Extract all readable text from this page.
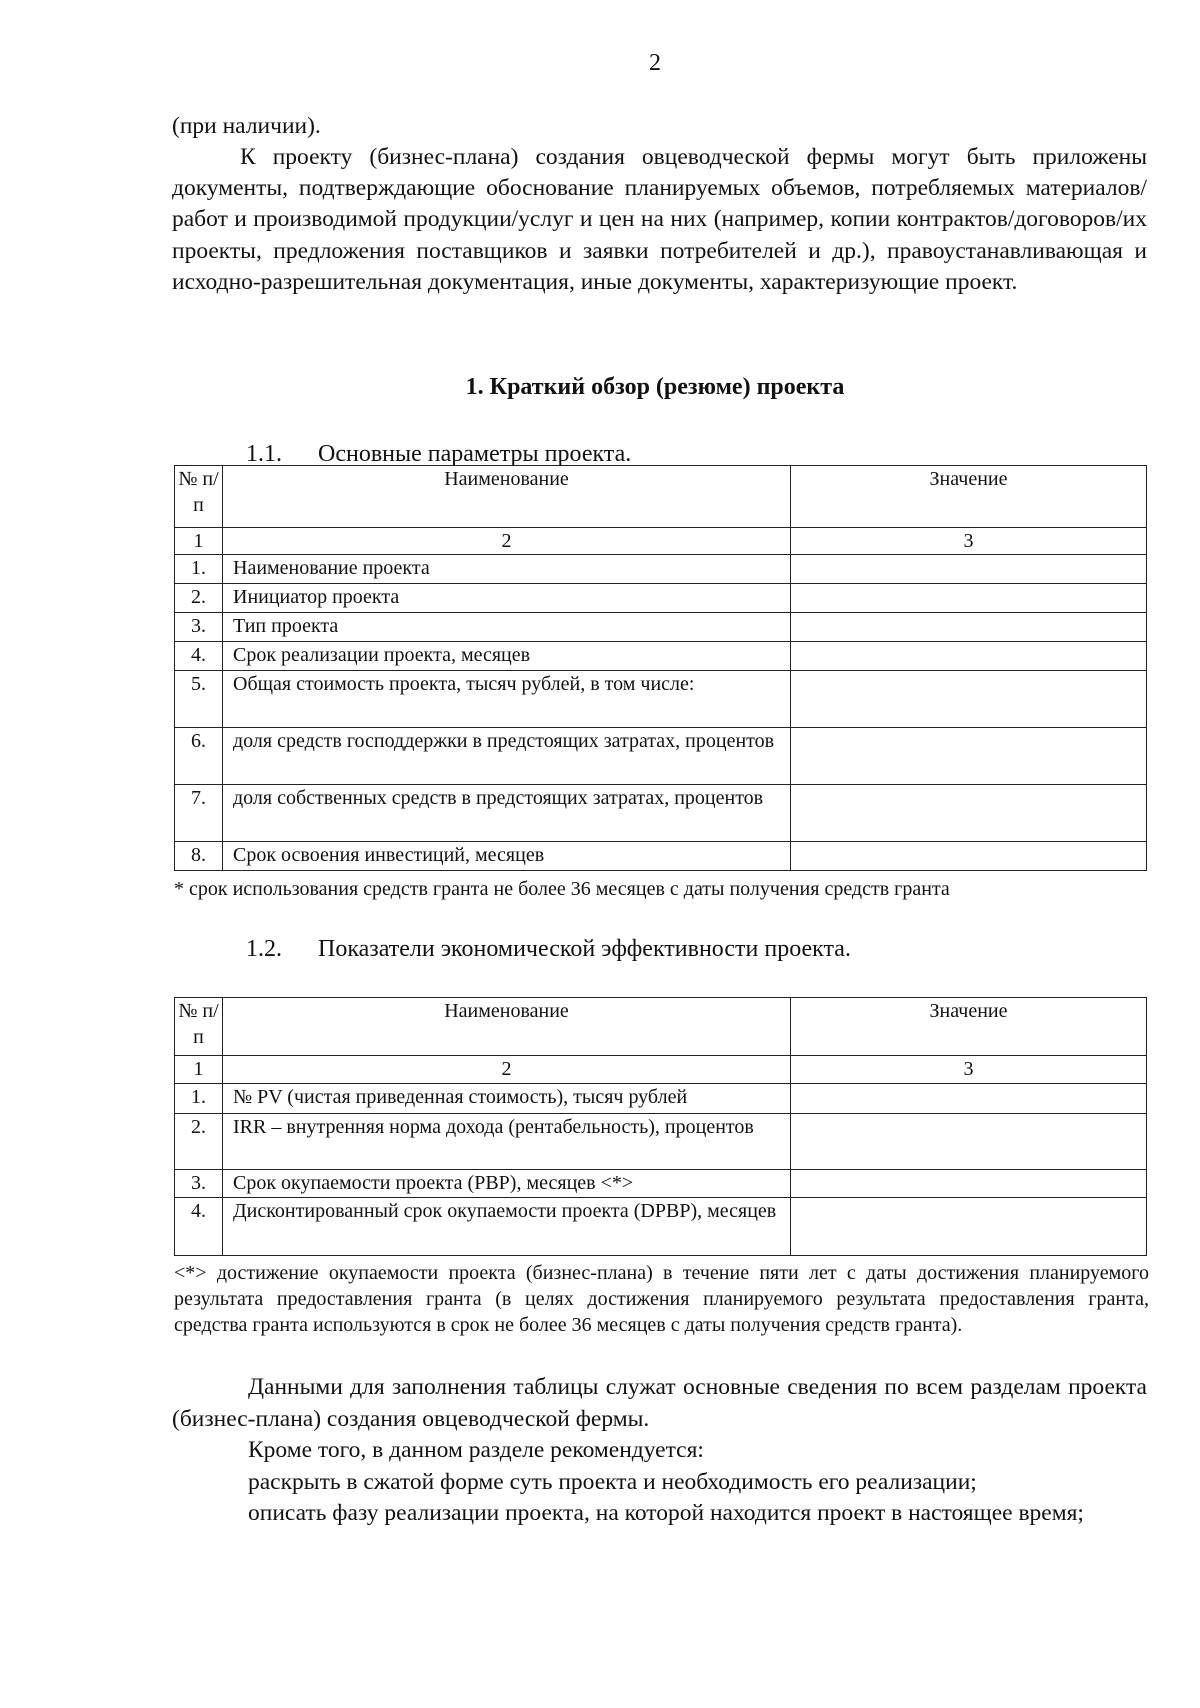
2

(при наличии).

К проекту (бизнес-плана) создания овцеводческой фермы могут быть приложены документы, подтверждающие обоснование планируемых объемов, потребляемых материалов/работ и производимой продукции/услуг и цен на них (например, копии контрактов/договоров/их проекты, предложения поставщиков и заявки потребителей и др.), правоустанавливающая и исходно-разрешительная документация, иные документы, характеризующие проект.

1. Краткий обзор (резюме) проекта
1.1. Основные параметры проекта.
№ п/п	Наименование	Значение
1	2	3
1.	Наименование проекта	
2.	Инициатор проекта	
3.	Тип проекта	
4.	Срок реализации проекта, месяцев	
5.	Общая стоимость проекта, тысяч рублей, в том числе:	
6.	доля средств господдержки в предстоящих затратах, процентов	
7.	доля собственных средств в предстоящих затратах, процентов	
8.	Срок освоения инвестиций, месяцев	

* срок использования средств гранта не более 36 месяцев с даты получения средств гранта

1.2. Показатели экономической эффективности проекта.
№ п/п	Наименование	Значение
1	2	3
1.	№ PV (чистая приведенная стоимость), тысяч рублей	
2.	IRR – внутренняя норма дохода (рентабельность), процентов	
3.	Срок окупаемости проекта (PBP), месяцев <*>	
4.	Дисконтированный срок окупаемости проекта (DPBP), месяцев	

<*> достижение окупаемости проекта (бизнес-плана) в течение пяти лет с даты достижения планируемого результата предоставления гранта (в целях достижения планируемого результата предоставления гранта, средства гранта используются в срок не более 36 месяцев с даты получения средств гранта).

Данными для заполнения таблицы служат основные сведения по всем разделам проекта (бизнес-плана) создания овцеводческой фермы.

Кроме того, в данном разделе рекомендуется:

раскрыть в сжатой форме суть проекта и необходимость его реализации;

описать фазу реализации проекта, на которой находится проект в настоящее время;
